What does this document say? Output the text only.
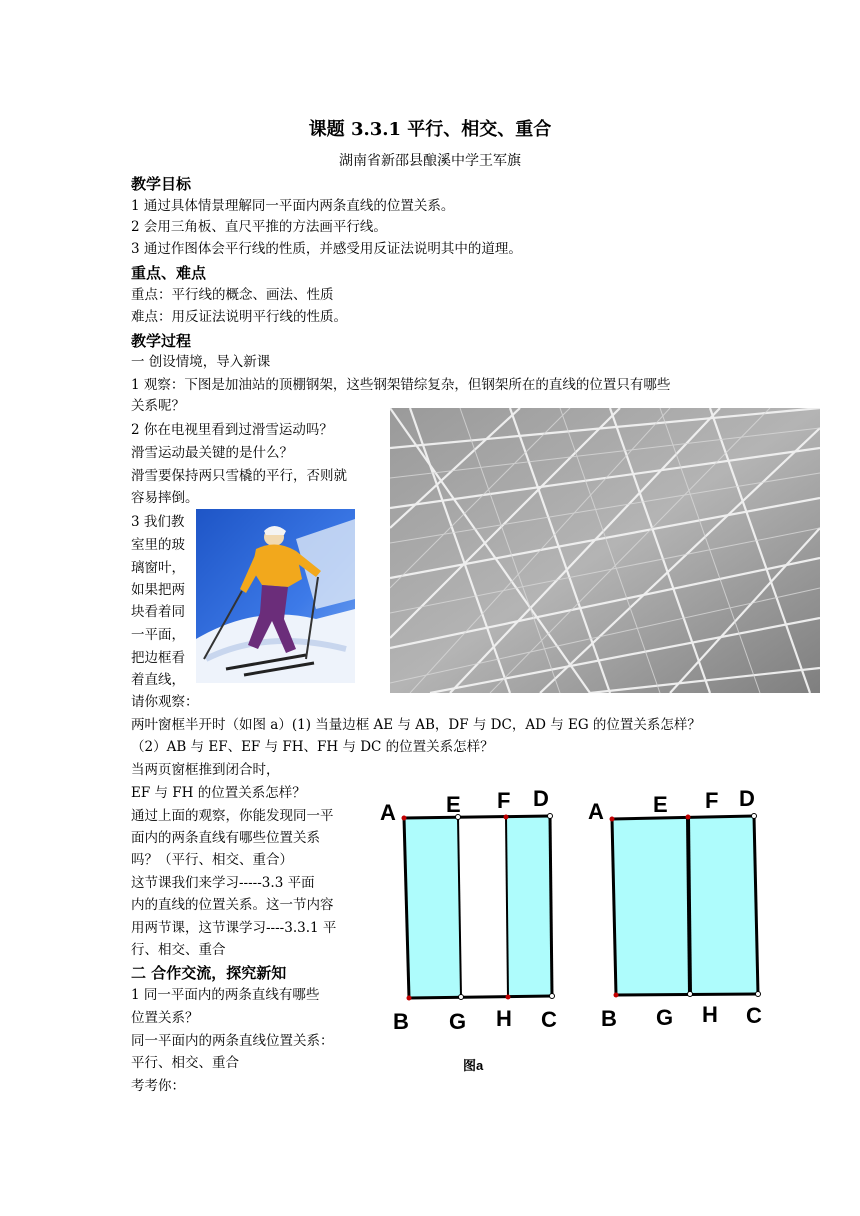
课题 3.3.1 平行、相交、重合
湖南省新邵县酿溪中学王军旗
教学目标
1 通过具体情景理解同一平面内两条直线的位置关系。
2 会用三角板、直尺平推的方法画平行线。
3 通过作图体会平行线的性质，并感受用反证法说明其中的道理。
重点、难点
重点：平行线的概念、画法、性质
难点：用反证法说明平行线的性质。
教学过程
一 创设情境，导入新课
1 观察：下图是加油站的顶棚钢架，这些钢架错综复杂，但钢架所在的直线的位置只有哪些
关系呢？
2 你在电视里看到过滑雪运动吗？
滑雪运动最关键的是什么？
滑雪要保持两只雪橇的平行，否则就
容易摔倒。
3 我们教
室里的玻
璃窗叶，
如果把两
块看着同
一平面，
把边框看
着直线，
请你观察：
两叶窗框半开时（如图 a）(1) 当量边框 AE 与 AB，DF 与 DC，AD 与 EG 的位置关系怎样？
（2）AB 与 EF、EF 与 FH、FH 与 DC 的位置关系怎样？
当两页窗框推到闭合时，
EF 与 FH 的位置关系怎样？
通过上面的观察，你能发现同一平
面内的两条直线有哪些位置关系
吗？（平行、相交、重合）
这节课我们来学习-----3.3 平面
内的直线的位置关系。这一节内容
用两节课，这节课学习----3.3.1 平
行、相交、重合
二 合作交流，探究新知
1 同一平面内的两条直线有哪些
位置关系？
同一平面内的两条直线位置关系：
平行、相交、重合
考考你：
A E F D
B G H C
A E F D
B G H C
图a
